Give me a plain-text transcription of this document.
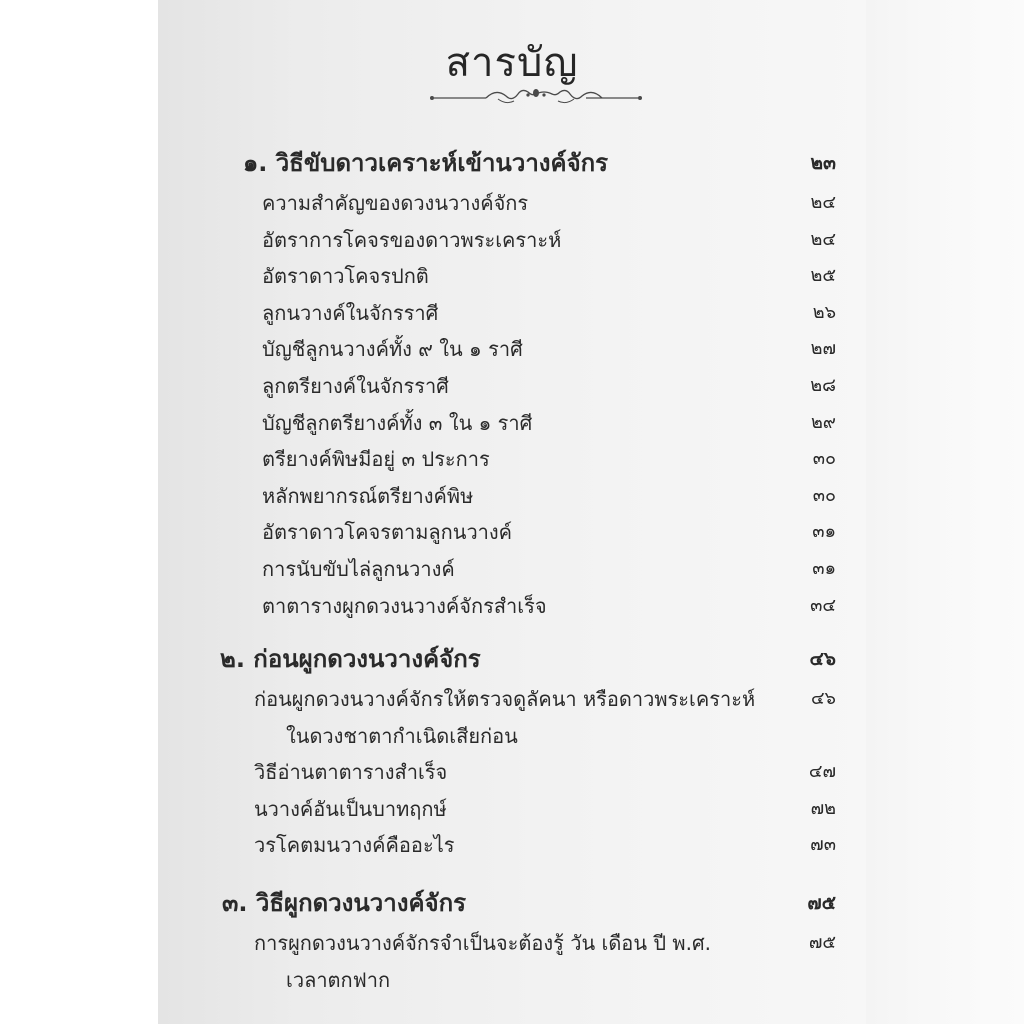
สารบัญ
๑. วิธีขับดาวเคราะห์เข้านวางค์จักร	๒๓
ความสำคัญของดวงนวางค์จักร	๒๔
อัตราการโคจรของดาวพระเคราะห์	๒๔
อัตราดาวโคจรปกติ	๒๕
ลูกนวางค์ในจักรราศี	๒๖
บัญชีลูกนวางค์ทั้ง ๙ ใน ๑ ราศี	๒๗
ลูกตรียางค์ในจักรราศี	๒๘
บัญชีลูกตรียางค์ทั้ง ๓ ใน ๑ ราศี	๒๙
ตรียางค์พิษมีอยู่ ๓ ประการ	๓๐
หลักพยากรณ์ตรียางค์พิษ	๓๐
อัตราดาวโคจรตามลูกนวางค์	๓๑
การนับขับไล่ลูกนวางค์	๓๑
ตาตารางผูกดวงนวางค์จักรสำเร็จ	๓๔
๒. ก่อนผูกดวงนวางค์จักร	๔๖
ก่อนผูกดวงนวางค์จักรให้ตรวจดูลัคนา หรือดาวพระเคราะห์	๔๖
ในดวงชาตากำเนิดเสียก่อน
วิธีอ่านตาตารางสำเร็จ	๔๗
นวางค์อันเป็นบาทฤกษ์	๗๒
วรโคตมนวางค์คืออะไร	๗๓
๓. วิธีผูกดวงนวางค์จักร	๗๕
การผูกดวงนวางค์จักรจำเป็นจะต้องรู้ วัน เดือน ปี พ.ศ.	๗๕
เวลาตกฟาก
